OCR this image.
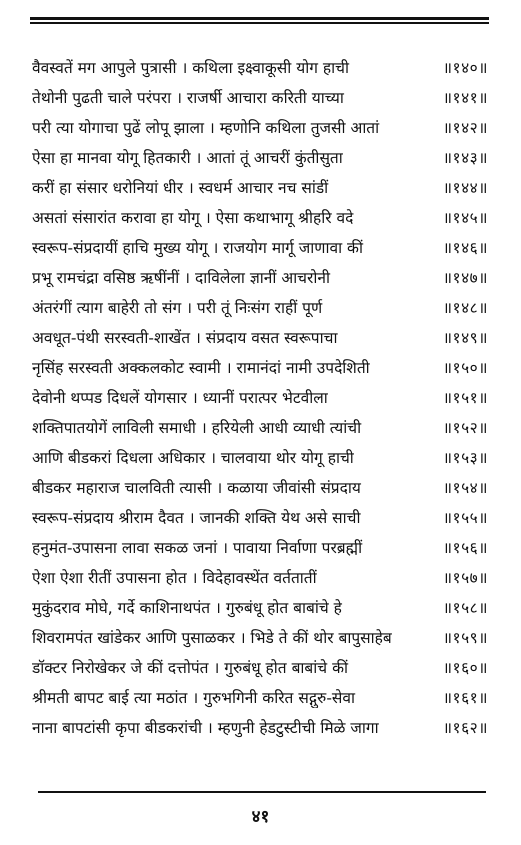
वैवस्वतें मग आपुले पुत्रासी । कथिला इक्ष्वाकूसी योग हाची	॥१४०॥
तेथोनी पुढती चाले परंपरा । राजर्षी आचारा करिती याच्या	॥१४१॥
परी त्या योगाचा पुढें लोपू झाला । म्हणोनि कथिला तुजसी आतां	॥१४२॥
ऐसा हा मानवा योगू हितकारी । आतां तूं आचरीं कुंतीसुता	॥१४३॥
करीं हा संसार धरोनियां धीर । स्वधर्म आचार नच सांडीं	॥१४४॥
असतां संसारांत करावा हा योगू । ऐसा कथाभागू श्रीहरि वदे	॥१४५॥
स्वरूप-संप्रदायीं हाचि मुख्य योगू । राजयोग मार्गू जाणावा कीं	॥१४६॥
प्रभू रामचंद्रा वसिष्ठ ऋषींनीं । दाविलेला ज्ञानीं आचरोनी	॥१४७॥
अंतरंगीं त्याग बाहेरी तो संग । परी तूं निःसंग राहीं पूर्ण	॥१४८॥
अवधूत-पंथी सरस्वती-शाखेंत । संप्रदाय वसत स्वरूपाचा	॥१४९॥
नृसिंह सरस्वती अक्कलकोट स्वामी । रामानंदां नामी उपदेशिती	॥१५०॥
देवोनी थप्पड दिधलें योगसार । ध्यानीं परात्पर भेटवीला	॥१५१॥
शक्तिपातयोगें लाविली समाधी । हरियेली आधी व्याधी त्यांची	॥१५२॥
आणि बीडकरां दिधला अधिकार । चालवाया थोर योगू हाची	॥१५३॥
बीडकर महाराज चालविती त्यासी । कळाया जीवांसी संप्रदाय	॥१५४॥
स्वरूप-संप्रदाय श्रीराम दैवत । जानकी शक्ति येथ असे साची	॥१५५॥
हनुमंत-उपासना लावा सकळ जनां । पावाया निर्वाणा परब्रह्मीं	॥१५६॥
ऐशा ऐशा रीतीं उपासना होत । विदेहावस्थेंत वर्ततातीं	॥१५७॥
मुकुंदराव मोघे, गर्दे काशिनाथपंत । गुरुबंधू होत बाबांचे हे	॥१५८॥
शिवरामपंत खांडेकर आणि पुसाळकर । भिडे ते कीं थोर बापुसाहेब	॥१५९॥
डॉक्टर निरोखेकर जे कीं दत्तोपंत । गुरुबंधू होत बाबांचे कीं	॥१६०॥
श्रीमती बापट बाई त्या मठांत । गुरुभगिनी करित सद्गुरु-सेवा	॥१६१॥
नाना बापटांसी कृपा बीडकरांची । म्हणुनी हेडटुस्टीची मिळे जागा	॥१६२॥
४१
